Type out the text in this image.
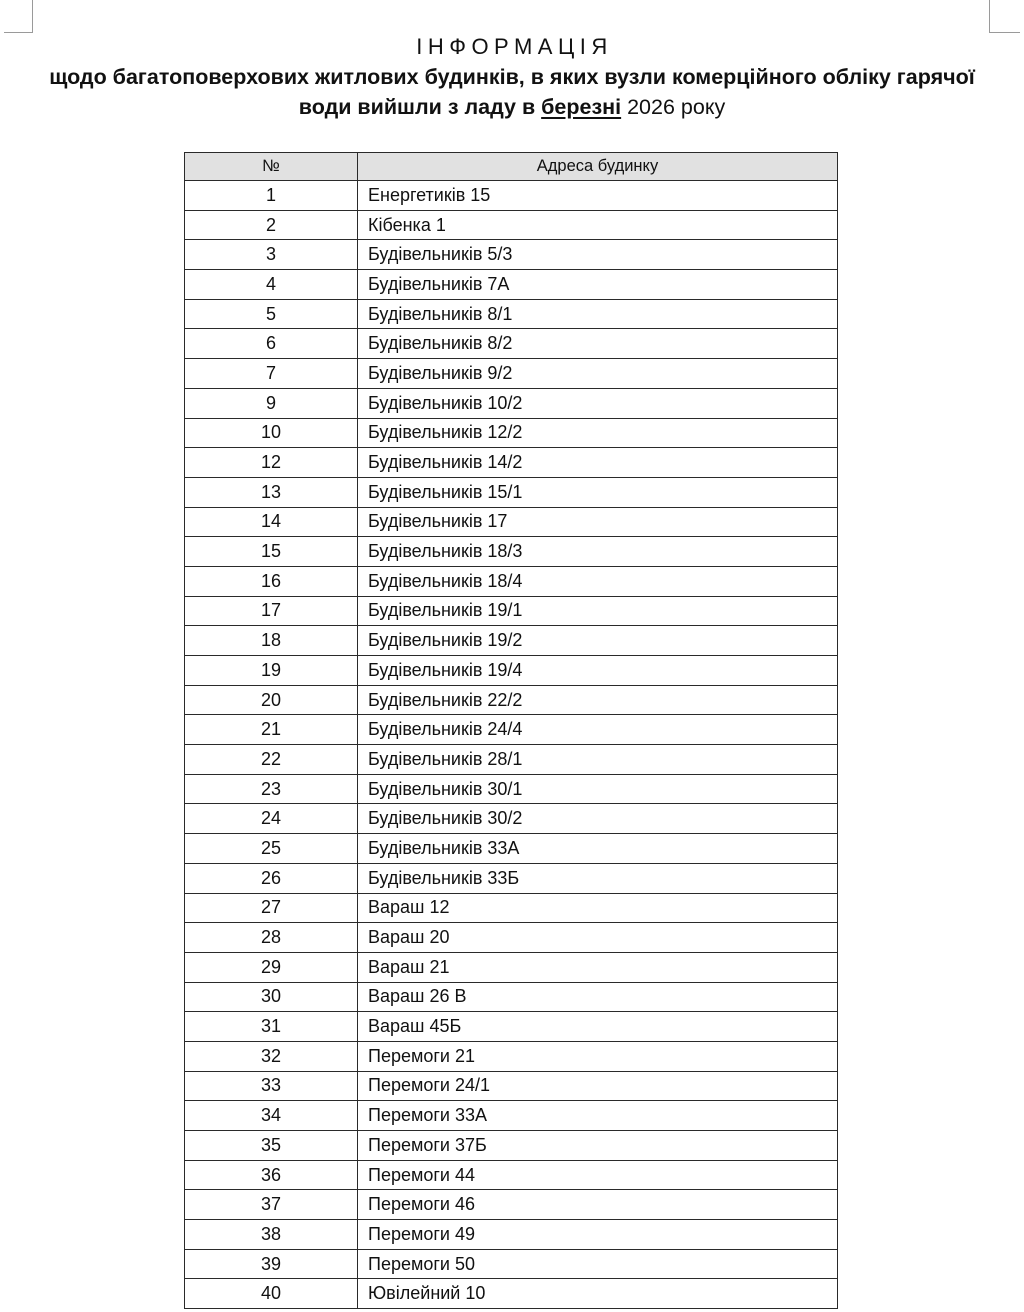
ІНФОРМАЦІЯ
щодо багатоповерхових житлових будинків, в яких вузли комерційного обліку гарячої
води вийшли з ладу в березні 2026 року
№	Адреса будинку
1	Енергетиків 15
2	Кібенка 1
3	Будівельників 5/3
4	Будівельників 7А
5	Будівельників 8/1
6	Будівельників 8/2
7	Будівельників 9/2
9	Будівельників 10/2
10	Будівельників 12/2
12	Будівельників 14/2
13	Будівельників 15/1
14	Будівельників 17
15	Будівельників 18/3
16	Будівельників 18/4
17	Будівельників 19/1
18	Будівельників 19/2
19	Будівельників 19/4
20	Будівельників 22/2
21	Будівельників 24/4
22	Будівельників 28/1
23	Будівельників 30/1
24	Будівельників 30/2
25	Будівельників 33А
26	Будівельників 33Б
27	Вараш 12
28	Вараш 20
29	Вараш 21
30	Вараш 26 В
31	Вараш 45Б
32	Перемоги 21
33	Перемоги 24/1
34	Перемоги 33А
35	Перемоги 37Б
36	Перемоги 44
37	Перемоги 46
38	Перемоги 49
39	Перемоги 50
40	Ювілейний 10
